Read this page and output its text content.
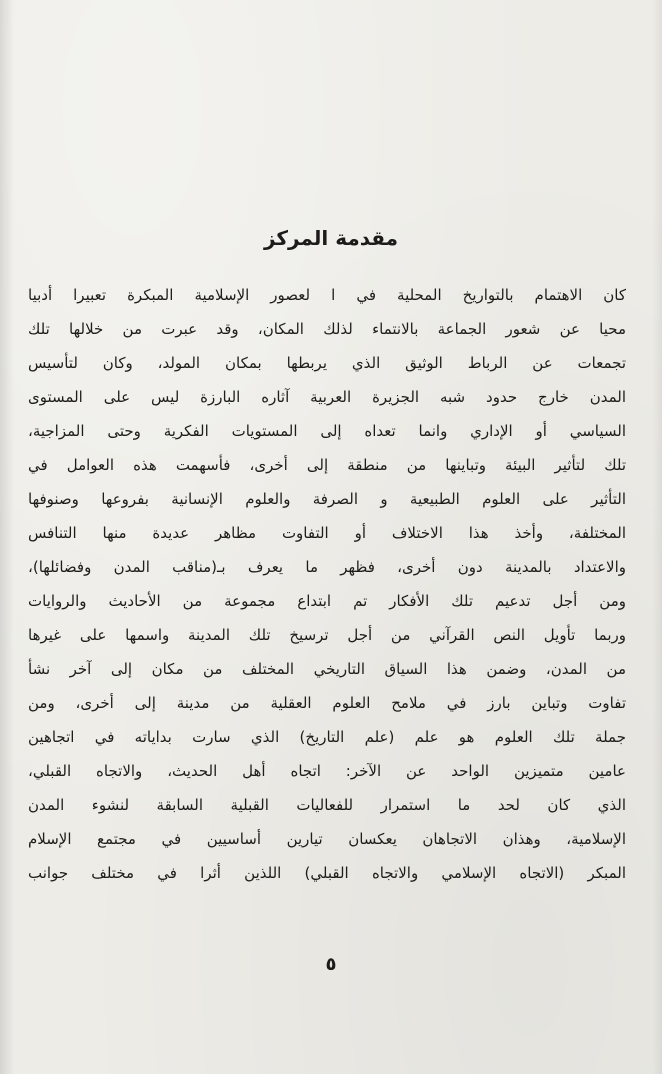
مقدمة المركز
كان الاهتمام بالتواريخ المحلية في ا لعصور الإسلامية المبكرة تعبيرا أدبيا
محيا عن شعور الجماعة بالانتماء لذلك المكان، وقد عبرت من خلالها تلك
تجمعات عن الرباط الوثيق الذي يربطها بمكان المولد، وكان لتأسيس
المدن خارج حدود شبه الجزيرة العربية آثاره البارزة ليس على المستوى
السياسي أو الإداري وانما تعداه إلى المستويات الفكرية وحتى المزاجية،
تلك لتأثير البيئة وتباينها من منطقة إلى أخرى، فأسهمت هذه العوامل في
التأثير على العلوم الطبيعية و الصرفة والعلوم الإنسانية بفروعها وصنوفها
المختلفة، وأخذ هذا الاختلاف أو التفاوت مظاهر عديدة منها التنافس
والاعتداد بالمدينة دون أخرى، فظهر ما يعرف بـ(مناقب المدن وفضائلها)،
ومن أجل تدعيم تلك الأفكار تم ابتداع مجموعة من الأحاديث والروايات
وربما تأويل النص القرآني من أجل ترسيخ تلك المدينة واسمها على غيرها
من المدن، وضمن هذا السياق التاريخي المختلف من مكان إلى آخر نشأ
تفاوت وتباين بارز في ملامح العلوم العقلية من مدينة إلى أخرى، ومن
جملة تلك العلوم هو علم (علم التاريخ) الذي سارت بداياته في اتجاهين
عامين متميزين الواحد عن الآخر: اتجاه أهل الحديث، والاتجاه القبلي،
الذي كان لحد ما استمرار للفعاليات القبلية السابقة لنشوء المدن
الإسلامية، وهذان الاتجاهان يعكسان تيارين أساسيين في مجتمع الإسلام
المبكر (الاتجاه الإسلامي والاتجاه القبلي) اللذين أثرا في مختلف جوانب
٥
